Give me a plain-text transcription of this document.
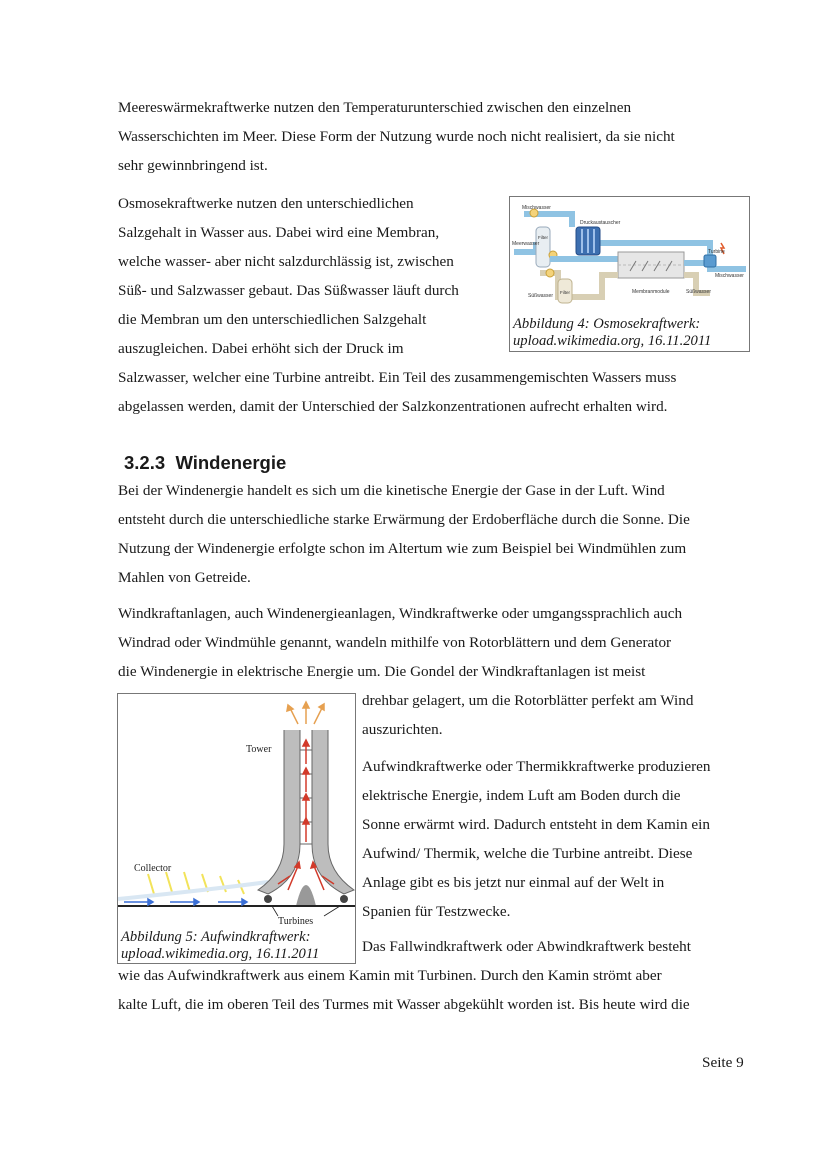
Meereswärmekraftwerke nutzen den Temperaturunterschied zwischen den einzelnen
Wasserschichten im Meer. Diese Form der Nutzung wurde noch nicht realisiert, da sie nicht
sehr gewinnbringend ist.
Osmosekraftwerke nutzen den unterschiedlichen
Salzgehalt in Wasser aus. Dabei wird eine Membran,
welche wasser- aber nicht salzdurchlässig ist, zwischen
Süß- und Salzwasser gebaut. Das Süßwasser läuft durch
die Membran um den unterschiedlichen Salzgehalt
auszugleichen. Dabei erhöht sich der Druck im
Salzwasser, welcher eine Turbine antreibt. Ein Teil des zusammengemischten Wassers muss
abgelassen werden, damit der Unterschied der Salzkonzentrationen aufrecht erhalten wird.
Mischwasser
Druckaustauscher
Meerwasser
Filter
Turbine
Mischwasser
Süßwasser
Filter	Membranmodule	Süßwasser
Abbildung 4: Osmosekraftwerk:
upload.wikimedia.org, 16.11.2011
3.2.3 Windenergie
Bei der Windenergie handelt es sich um die kinetische Energie der Gase in der Luft. Wind
entsteht durch die unterschiedliche starke Erwärmung der Erdoberfläche durch die Sonne. Die
Nutzung der Windenergie erfolgte schon im Altertum wie zum Beispiel bei Windmühlen zum
Mahlen von Getreide.
Windkraftanlagen, auch Windenergieanlagen, Windkraftwerke oder umgangssprachlich auch
Windrad oder Windmühle genannt, wandeln mithilfe von Rotorblättern und dem Generator
die Windenergie in elektrische Energie um. Die Gondel der Windkraftanlagen ist meist
drehbar gelagert, um die Rotorblätter perfekt am Wind
auszurichten.
Tower
Collector
Turbines
Abbildung 5: Aufwindkraftwerk:
upload.wikimedia.org, 16.11.2011
Aufwindkraftwerke oder Thermikkraftwerke produzieren
elektrische Energie, indem Luft am Boden durch die
Sonne erwärmt wird. Dadurch entsteht in dem Kamin ein
Aufwind/ Thermik, welche die Turbine antreibt. Diese
Anlage gibt es bis jetzt nur einmal auf der Welt in
Spanien für Testzwecke.
Das Fallwindkraftwerk oder Abwindkraftwerk besteht
wie das Aufwindkraftwerk aus einem Kamin mit Turbinen. Durch den Kamin strömt aber
kalte Luft, die im oberen Teil des Turmes mit Wasser abgekühlt worden ist. Bis heute wird die
Seite 9
